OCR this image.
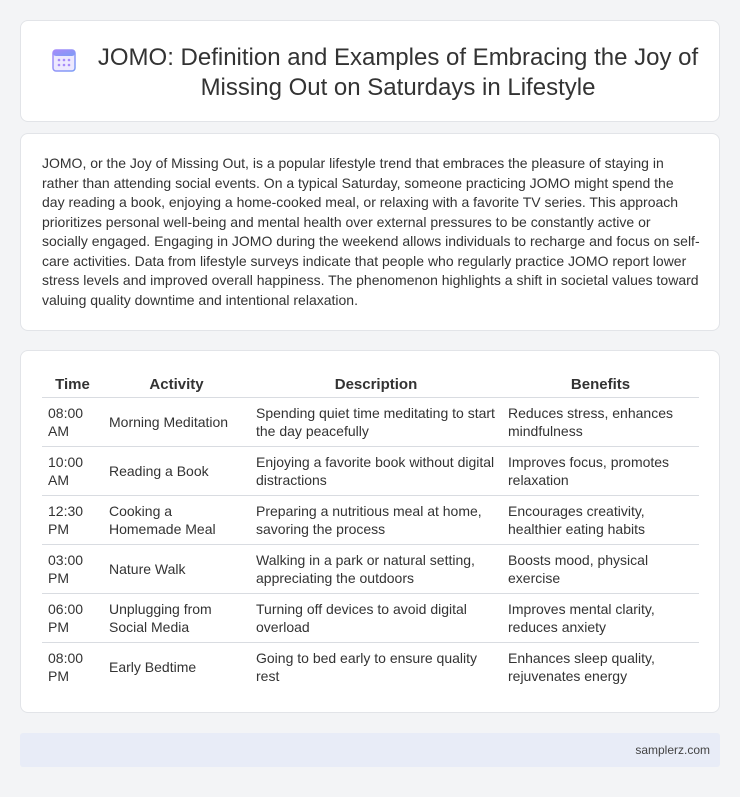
JOMO: Definition and Examples of Embracing the Joy of Missing Out on Saturdays in Lifestyle

JOMO, or the Joy of Missing Out, is a popular lifestyle trend that embraces the pleasure of staying in rather than attending social events. On a typical Saturday, someone practicing JOMO might spend the day reading a book, enjoying a home-cooked meal, or relaxing with a favorite TV series. This approach prioritizes personal well-being and mental health over external pressures to be constantly active or socially engaged. Engaging in JOMO during the weekend allows individuals to recharge and focus on self-care activities. Data from lifestyle surveys indicate that people who regularly practice JOMO report lower stress levels and improved overall happiness. The phenomenon highlights a shift in societal values toward valuing quality downtime and intentional relaxation.

Time	Activity	Description	Benefits
08:00 AM	Morning Meditation	Spending quiet time meditating to start the day peacefully	Reduces stress, enhances mindfulness
10:00 AM	Reading a Book	Enjoying a favorite book without digital distractions	Improves focus, promotes relaxation
12:30 PM	Cooking a Homemade Meal	Preparing a nutritious meal at home, savoring the process	Encourages creativity, healthier eating habits
03:00 PM	Nature Walk	Walking in a park or natural setting, appreciating the outdoors	Boosts mood, physical exercise
06:00 PM	Unplugging from Social Media	Turning off devices to avoid digital overload	Improves mental clarity, reduces anxiety
08:00 PM	Early Bedtime	Going to bed early to ensure quality rest	Enhances sleep quality, rejuvenates energy
samplerz.com
